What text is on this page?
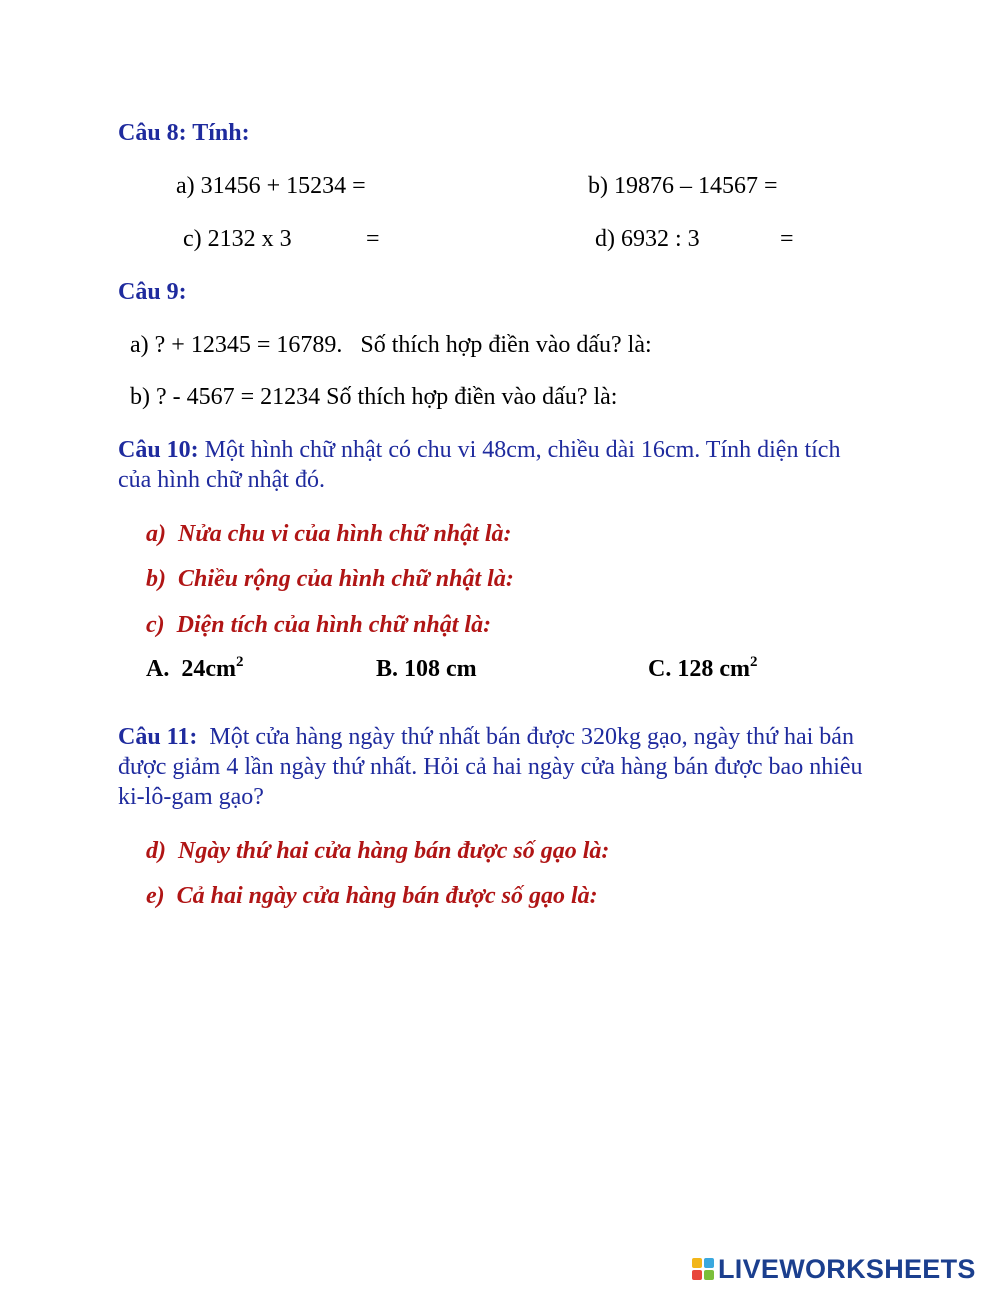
Câu 8: Tính:
a) 31456 + 15234 =	b) 19876 – 14567 =
c) 2132 x 3	=	d) 6932 : 3	=
Câu 9:
a) ? + 12345 = 16789.   Số thích hợp điền vào dấu? là:
b) ? - 4567 = 21234 Số thích hợp điền vào dấu? là:
Câu 10: Một hình chữ nhật có chu vi 48cm, chiều dài 16cm. Tính diện tích của hình chữ nhật đó.
a)  Nửa chu vi của hình chữ nhật là:
b)  Chiều rộng của hình chữ nhật là:
c)  Diện tích của hình chữ nhật là:
A.  $24cm^2$	B. 108 cm	C. 128 $cm^2$
Câu 11:  Một cửa hàng ngày thứ nhất bán được 320kg gạo, ngày thứ hai bán được giảm 4 lần ngày thứ nhất. Hỏi cả hai ngày cửa hàng bán được bao nhiêu ki-lô-gam gạo?
d)  Ngày thứ hai cửa hàng bán được số gạo là:
e)  Cả hai ngày cửa hàng bán được số gạo là:
LIVEWORKSHEETS
